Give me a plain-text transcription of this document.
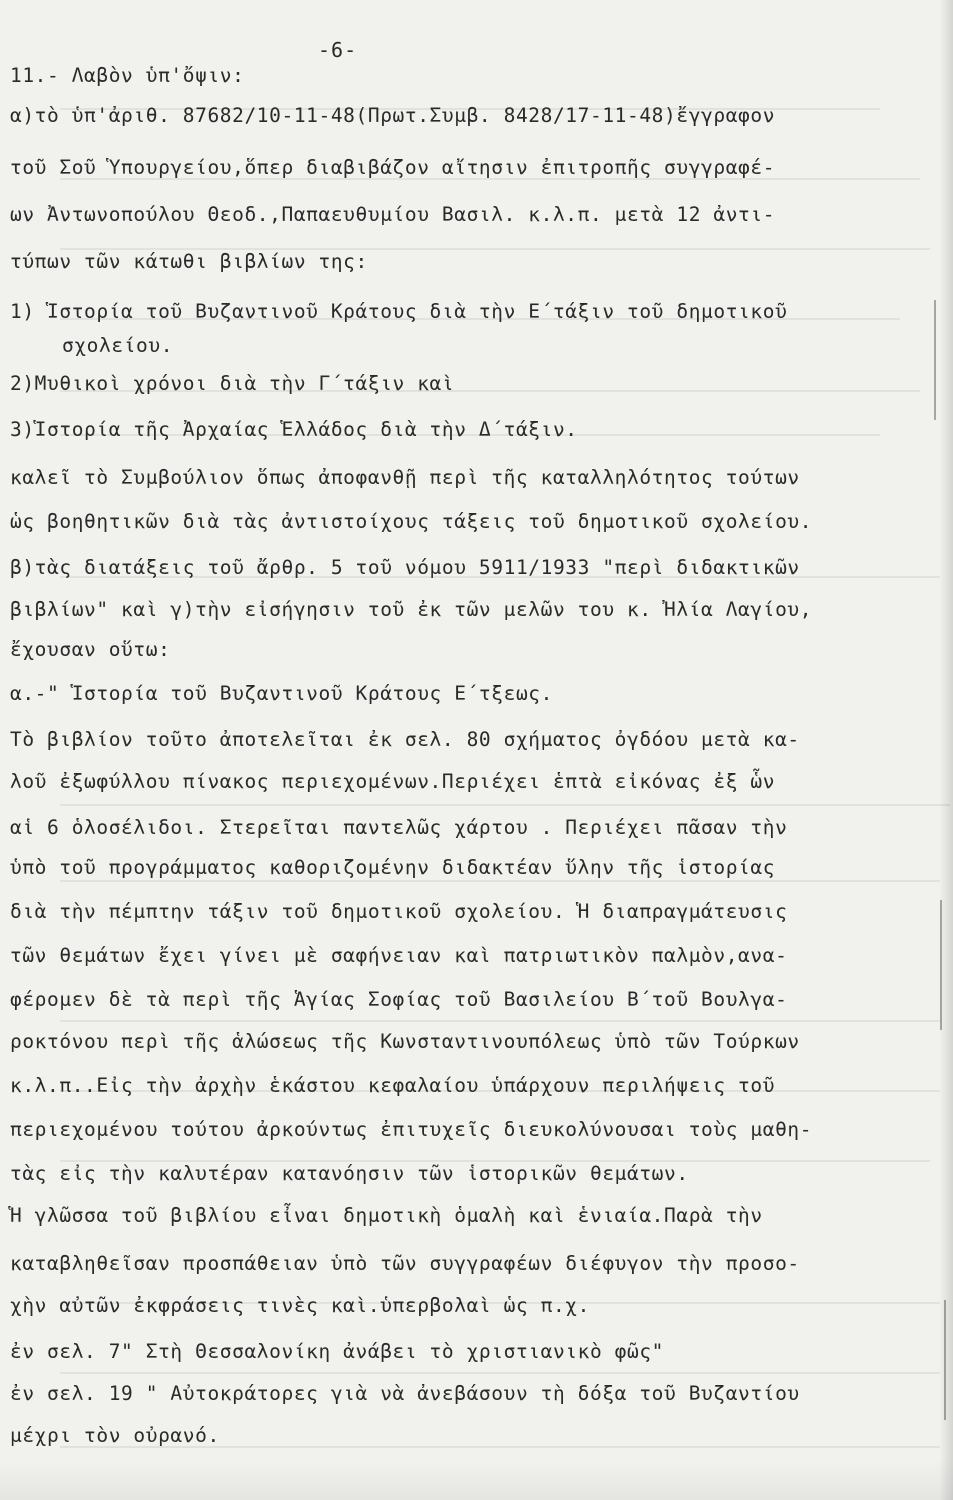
-6-
11.- Λαβὸν ὑπ'ὄψιν:
α)τὸ ὑπ'ἀριθ. 87682/10-11-48(Πρωτ.Συμβ. 8428/17-11-48)ἔγγραφον
τοῦ Σοῦ Ὑπουργείου,ὅπερ διαβιβάζον αἴτησιν ἐπιτροπῆς συγγραφέ-
ων Ἀντωνοπούλου Θεοδ.,Παπαευθυμίου Βασιλ. κ.λ.π. μετὰ 12 ἀντι-
τύπων τῶν κάτωθι βιβλίων της:
1) Ἱστορία τοῦ Βυζαντινοῦ Κράτους διὰ τὴν Ε΄τάξιν τοῦ δημοτικοῦ
σχολείου.
2)Μυθικοὶ χρόνοι διὰ τὴν Γ΄τάξιν καὶ
3)Ἱστορία τῆς Ἀρχαίας Ἑλλάδος διὰ τὴν Δ΄τάξιν.
καλεῖ τὸ Συμβούλιον ὅπως ἀποφανθῇ περὶ τῆς καταλληλότητος τούτων
ὡς βοηθητικῶν διὰ τὰς ἀντιστοίχους τάξεις τοῦ δημοτικοῦ σχολείου.
β)τὰς διατάξεις τοῦ ἄρθρ. 5 τοῦ νόμου 5911/1933 "περὶ διδακτικῶν
βιβλίων" καὶ γ)τὴν εἰσήγησιν τοῦ ἐκ τῶν μελῶν του κ. Ἠλία Λαγίου,
ἔχουσαν οὕτω:
α.-" Ἱστορία τοῦ Βυζαντινοῦ Κράτους Ε΄τξεως.
Τὸ βιβλίον τοῦτο ἀποτελεῖται ἐκ σελ. 80 σχήματος ὀγδόου μετὰ κα-
λοῦ ἐξωφύλλου πίνακος περιεχομένων.Περιέχει ἑπτὰ εἰκόνας ἐξ ὧν
αἱ 6 ὁλοσέλιδοι. Στερεῖται παντελῶς χάρτου . Περιέχει πᾶσαν τὴν
ὑπὸ τοῦ προγράμματος καθοριζομένην διδακτέαν ὕλην τῆς ἱστορίας
διὰ τὴν πέμπτην τάξιν τοῦ δημοτικοῦ σχολείου. Ἡ διαπραγμάτευσις
τῶν θεμάτων ἔχει γίνει μὲ σαφήνειαν καὶ πατριωτικὸν παλμὸν,ανα-
φέρομεν δὲ τὰ περὶ τῆς Ἁγίας Σοφίας τοῦ Βασιλείου Β΄τοῦ Βουλγα-
ροκτόνου περὶ τῆς ἁλώσεως τῆς Κωνσταντινουπόλεως ὑπὸ τῶν Τούρκων
κ.λ.π..Εἰς τὴν ἀρχὴν ἑκάστου κεφαλαίου ὑπάρχουν περιλήψεις τοῦ
περιεχομένου τούτου ἀρκούντως ἐπιτυχεῖς διευκολύνουσαι τοὺς μαθη-
τὰς εἰς τὴν καλυτέραν κατανόησιν τῶν ἱστορικῶν θεμάτων.
Ἡ γλῶσσα τοῦ βιβλίου εἶναι δημοτικὴ ὁμαλὴ καὶ ἑνιαία.Παρὰ τὴν
καταβληθεῖσαν προσπάθειαν ὑπὸ τῶν συγγραφέων διέφυγον τὴν προσο-
χὴν αὐτῶν ἐκφράσεις τινὲς καὶ.ὑπερβολαὶ ὡς π.χ.
ἐν σελ. 7" Στὴ Θεσσαλονίκη ἀνάβει τὸ χριστιανικὸ φῶς"
ἐν σελ. 19 " Αὐτοκράτορες γιὰ νὰ ἀνεβάσουν τὴ δόξα τοῦ Βυζαντίου
μέχρι τὸν οὐρανό.
